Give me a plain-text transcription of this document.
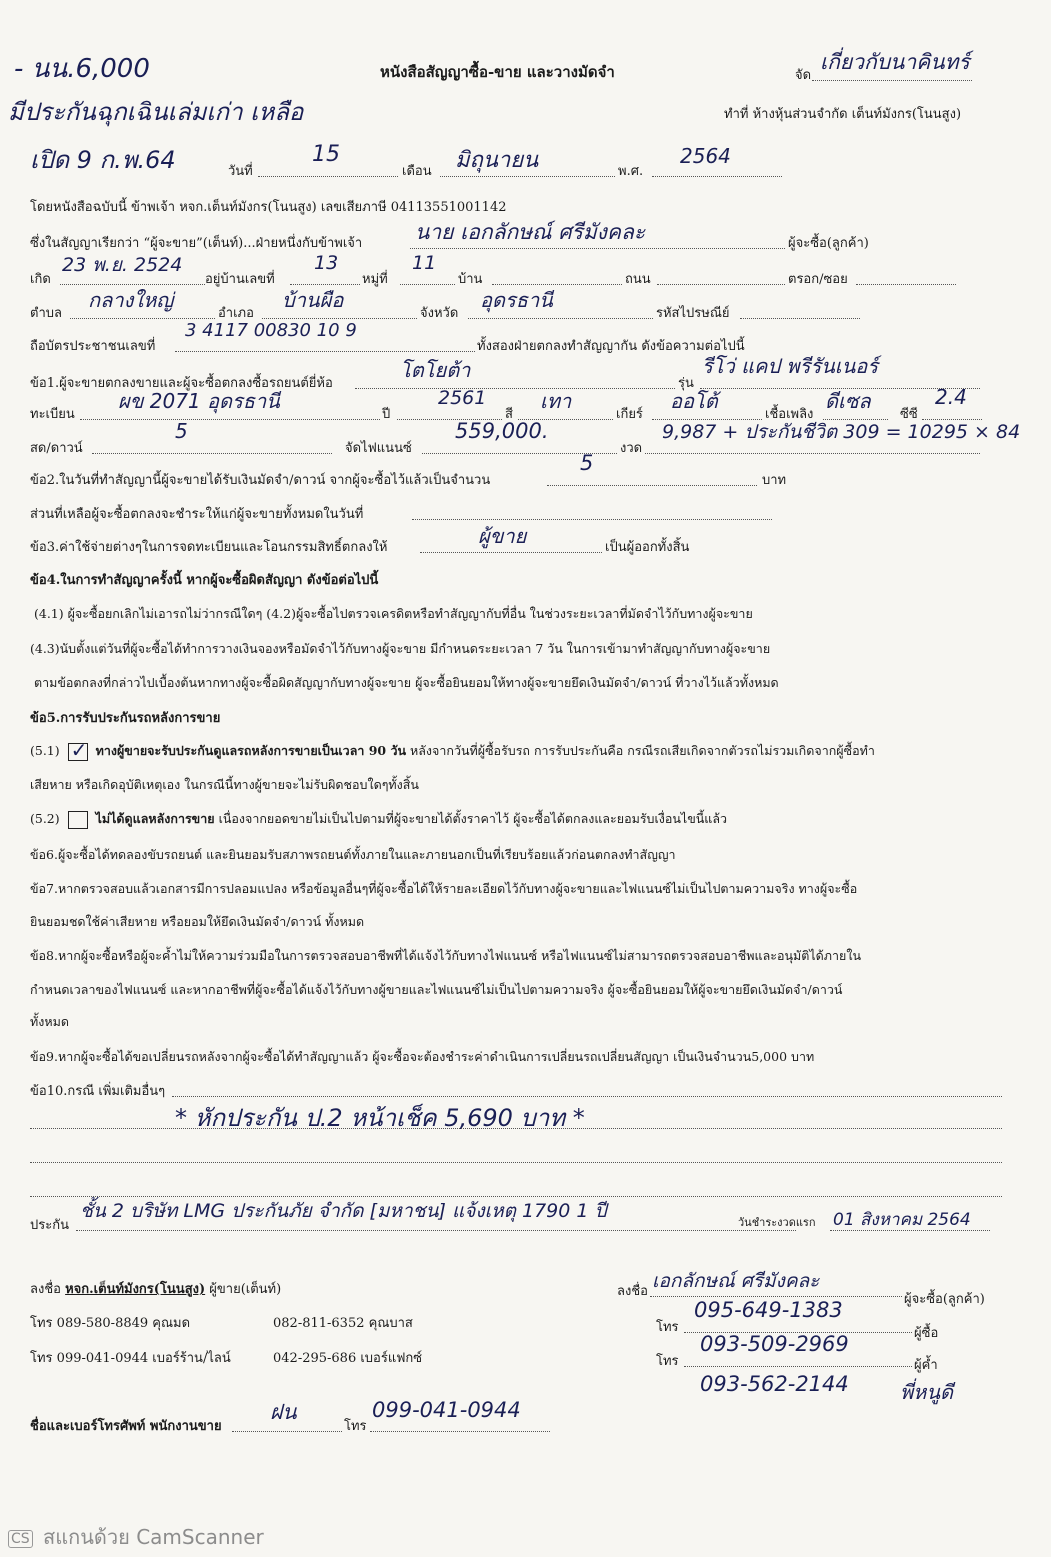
- นน.6,000
มีประกันฉุกเฉินเล่มเก่า เหลือ
เปิด 9 ก.พ.64
หนังสือสัญญาซื้อ-ขาย และวางมัดจำ	จัด
เกี่ยวกับนาคินทร์
ทำที่ ห้างหุ้นส่วนจำกัด เต็นท์มังกร(โนนสูง)
วันที่
15
เดือน มิถุนายน	พ.ศ.
2564
โดยหนังสือฉบับนี้ ข้าพเจ้า หจก.เต็นท์มังกร(โนนสูง) เลขเสียภาษี 0411355100114​2
ซึ่งในสัญญาเรียกว่า “ผู้จะขาย”(เต็นท์)...ฝ่ายหนึ่งกับข้าพเจ้า	นาย เอกลักษณ์ ศรีมังคละ	ผู้จะซื้อ(ลูกค้า)
เกิด
23 พ.ย. 2524
อยู่บ้านเลขที่
13
หมู่ที่
11
บ้าน	ถนน	ตรอก/ซอย
ตำบล
กลางใหญ่
อำเภอ
บ้านผือ
จังหวัด
อุดรธานี
รหัสไปรษณีย์
ถือบัตรประชาชนเลขที่
3 4117 00830 10 9
ทั้งสองฝ่ายตกลงทำสัญญากัน ดังข้อความต่อไปนี้
ข้อ1.ผู้จะขายตกลงขายและผู้จะซื้อตกลงซื้อรถยนต์ยี่ห้อ
โตโยต้า
รุ่น
รีโว่ แคป พรีรันเนอร์
ทะเบียน
ผข 2071 อุดรธานี
ปี
2561
สี
เทา
เกียร์
ออโต้
เชื้อเพลิง
ดีเซล
ซีซี
2.4
สด/ดาวน์
5
จัดไฟแนนซ์
559,000.
งวด
9,987 + ประกันชีวิต 309 = 10295 × 84
ข้อ2.ในวันที่ทำสัญญานี้ผู้จะขายได้รับเงินมัดจำ/ดาวน์ จากผู้จะซื้อไว้แล้วเป็นจำนวน
5
บาท
ส่วนที่เหลือผู้จะซื้อตกลงจะชำระให้แก่ผู้จะขายทั้งหมดในวันที่
ข้อ3.ค่าใช้จ่ายต่างๆในการจดทะเบียนและโอนกรรมสิทธิ์ตกลงให้	ผู้ขาย	เป็นผู้ออกทั้งสิ้น
ข้อ4.ในการทำสัญญาครั้งนี้ หากผู้จะซื้อผิดสัญญา ดังข้อต่อไปนี้
(4.1) ผู้จะซื้อยกเลิกไม่เอารถไม่ว่ากรณีใดๆ (4.2)ผู้จะซื้อไปตรวจเครดิตหรือทำสัญญากับที่อื่น ในช่วงระยะเวลาที่มัดจำไว้กับทางผู้จะขาย
(4.3)นับตั้งแต่วันที่ผู้จะซื้อได้ทำการวางเงินจองหรือมัดจำไว้กับทางผู้จะขาย มีกำหนดระยะเวลา 7 วัน ในการเข้ามาทำสัญญากับทางผู้จะขาย
ตามข้อตกลงที่กล่าวไปเบื้องต้นหากทางผู้จะซื้อผิดสัญญากับทางผู้จะขาย ผู้จะซื้อยินยอมให้ทางผู้จะขายยึดเงินมัดจำ/ดาวน์ ที่วางไว้แล้วทั้งหมด
ข้อ5.การรับประกันรถหลังการขาย
(5.1) ✓ ทางผู้ขายจะรับประกันดูแลรถหลังการขายเป็นเวลา 90 วัน หลังจากวันที่ผู้ซื้อรับรถ การรับประกันคือ กรณีรถเสียเกิดจากตัวรถไม่รวมเกิดจากผู้ซื้อทำ
เสียหาย หรือเกิดอุบัติเหตุเอง ในกรณีนี้ทางผู้ขายจะไม่รับผิดชอบใดๆทั้งสิ้น
(5.2)	ไม่ได้ดูแลหลังการขาย เนื่องจากยอดขายไม่เป็นไปตามที่ผู้จะขายได้ตั้งราคาไว้ ผู้จะซื้อได้ตกลงและยอมรับเงื่อนไขนี้แล้ว
ข้อ6.ผู้จะซื้อได้ทดลองขับรถยนต์ และยินยอมรับสภาพรถยนต์ทั้งภายในและภายนอกเป็นที่เรียบร้อยแล้วก่อนตกลงทำสัญญา
ข้อ7.หากตรวจสอบแล้วเอกสารมีการปลอมแปลง หรือข้อมูลอื่นๆที่ผู้จะซื้อได้ให้รายละเอียดไว้กับทางผู้จะขายและไฟแนนซ์ไม่เป็นไปตามความจริง ทางผู้จะซื้อ
ยินยอมชดใช้ค่าเสียหาย หรือยอมให้ยึดเงินมัดจำ/ดาวน์ ทั้งหมด
ข้อ8.หากผู้จะซื้อหรือผู้จะค้ำไม่ให้ความร่วมมือในการตรวจสอบอาชีพที่ได้แจ้งไว้กับทางไฟแนนซ์ หรือไฟแนนซ์ไม่สามารถตรวจสอบอาชีพและอนุมัติได้ภายใน
กำหนดเวลาของไฟแนนซ์ และหากอาชีพที่ผู้จะซื้อได้แจ้งไว้กับทางผู้ขายและไฟแนนซ์ไม่เป็นไปตามความจริง ผู้จะซื้อยินยอมให้ผู้จะขายยึดเงินมัดจำ/ดาวน์
ทั้งหมด
ข้อ9.หากผู้จะซื้อได้ขอเปลี่ยนรถหลังจากผู้จะซื้อได้ทำสัญญาแล้ว ผู้จะซื้อจะต้องชำระค่าดำเนินการเปลี่ยนรถเปลี่ยนสัญญา เป็นเงินจำนวน5,000 บาท
ข้อ10.กรณี เพิ่มเติมอื่นๆ
* หักประกัน ป.2 หน้าเช็ค 5,690 บาท *
ประกัน
ชั้น 2 บริษัท LMG ประกันภัย จำกัด [มหาชน] แจ้งเหตุ 1790 1 ปี
วันชำระงวดแรก 01 สิงหาคม 2564
ลงชื่อ หจก.เต็นท์มังกร(โนนสูง) ผู้ขาย(เต็นท์)
โทร 089-580-8849 คุณมด	082-811-6352 คุณบาส
โทร 099-041-0944 เบอร์ร้าน/ไลน์	042-295-686 เบอร์แฟกซ์
ชื่อและเบอร์โทรศัพท์ พนักงานขาย
ฝน
โทร
099-041-0944
ลงชื่อ เอกลักษณ์ ศรีมังคละ
ผู้จะซื้อ(ลูกค้า)
โทร
095-649-1383
ผู้ซื้อ
โทร
093-509-2969
ผู้ค้ำ
093-562-2144	พี่หนูดี
CS สแกนด้วย CamScanner
